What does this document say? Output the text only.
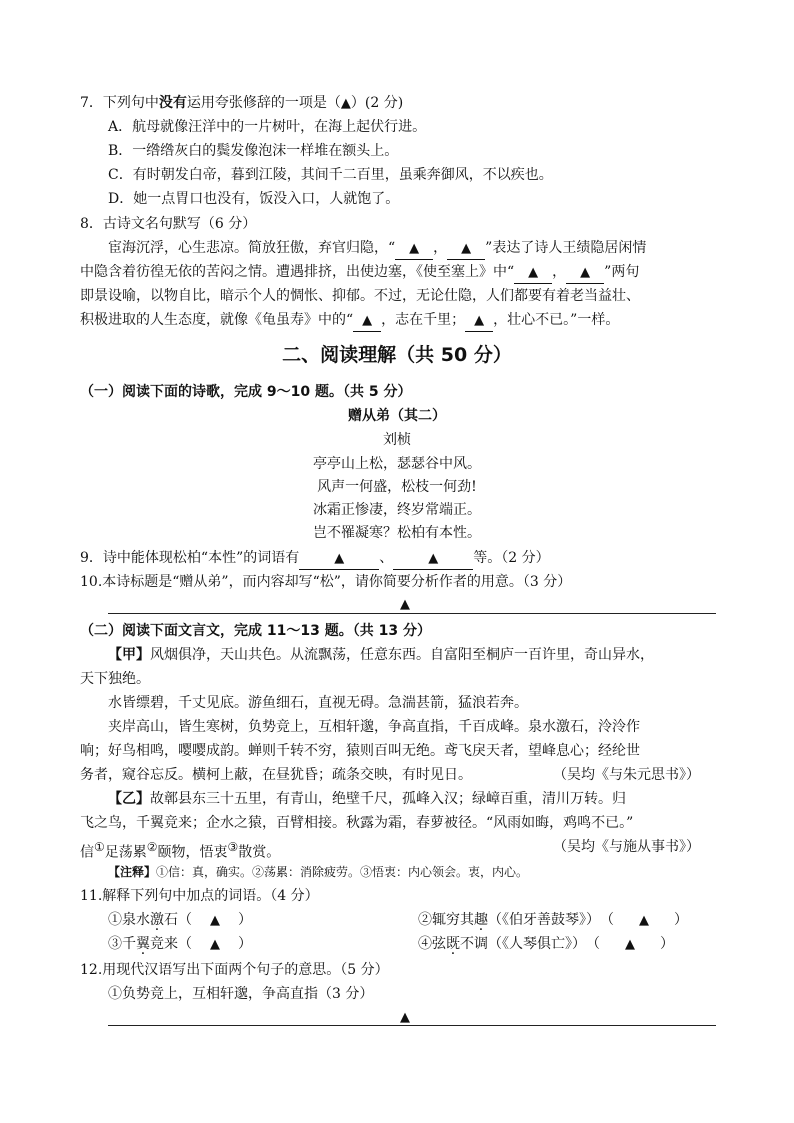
7．下列句中没有运用夸张修辞的一项是（▲）(2 分)
A．航母就像汪洋中的一片树叶，在海上起伏行进。
B．一绺绺灰白的鬓发像泡沫一样堆在额头上。
C．有时朝发白帝，暮到江陵，其间千二百里，虽乘奔御风，不以疾也。
D．她一点胃口也没有，饭没入口，人就饱了。
8．古诗文名句默写（6 分）
宦海沉浮，心生悲凉。简放狂傲，弃官归隐，“ ▲ ， ▲ ”表达了诗人王绩隐居闲情
中隐含着彷徨无依的苦闷之情。遭遇排挤，出使边塞，《使至塞上》中“ ▲ ， ▲ ”两句
即景设喻，以物自比，暗示个人的惆怅、抑郁。不过，无论仕隐，人们都要有着老当益壮、
积极进取的人生态度，就像《龟虽寿》中的“ ▲ ，志在千里； ▲ ，壮心不已。”一样。
二、阅读理解（共 50 分）
（一）阅读下面的诗歌，完成 9～10 题。（共 5 分）
赠从弟（其二）
刘桢
亭亭山上松，瑟瑟谷中风。
风声一何盛，松枝一何劲!
冰霜正惨凄，终岁常端正。
岂不罹凝寒？松柏有本性。
9．诗中能体现松柏“本性”的词语有	▲	、	▲	等。（2 分）
10.本诗标题是“赠从弟”，而内容却写“松”，请你简要分析作者的用意。（3 分）
▲
（二）阅读下面文言文，完成 11～13 题。（共 13 分）
【甲】风烟俱净，天山共色。从流飘荡，任意东西。自富阳至桐庐一百许里，奇山异水，
天下独绝。
水皆缥碧，千丈见底。游鱼细石，直视无碍。急湍甚箭，猛浪若奔。
夹岸高山，皆生寒树，负势竞上，互相轩邈，争高直指，千百成峰。泉水激石，泠泠作
响；好鸟相鸣，嘤嘤成韵。蝉则千转不穷，猿则百叫无绝。鸢飞戾天者，望峰息心；经纶世
务者，窥谷忘反。横柯上蔽，在昼犹昏；疏条交映，有时见日。	（吴均《与朱元思书》）
【乙】故鄣县东三十五里，有青山，绝壁千尺，孤峰入汉；绿嶂百重，清川万转。归
飞之鸟，千翼竞来；企水之猿，百臂相接。秋露为霜，春萝被径。“风雨如晦，鸡鸣不已。”
信①足荡累②颐物，悟衷③散赏。	（吴均《与施从事书》）
【注释】①信：真，确实。②荡累：消除疲劳。③悟衷：内心领会。衷，内心。
11.解释下列句中加点的词语。（4 分）
①泉水激石（ ▲ ）	②辄穷其趣（《伯牙善鼓琴》）　（ ▲ ）
③千翼竞来（ ▲ ）	④弦既不调（《人琴俱亡》）　（ ▲ ）
12.用现代汉语写出下面两个句子的意思。（5 分）
①负势竞上，互相轩邈，争高直指（3 分）
▲
